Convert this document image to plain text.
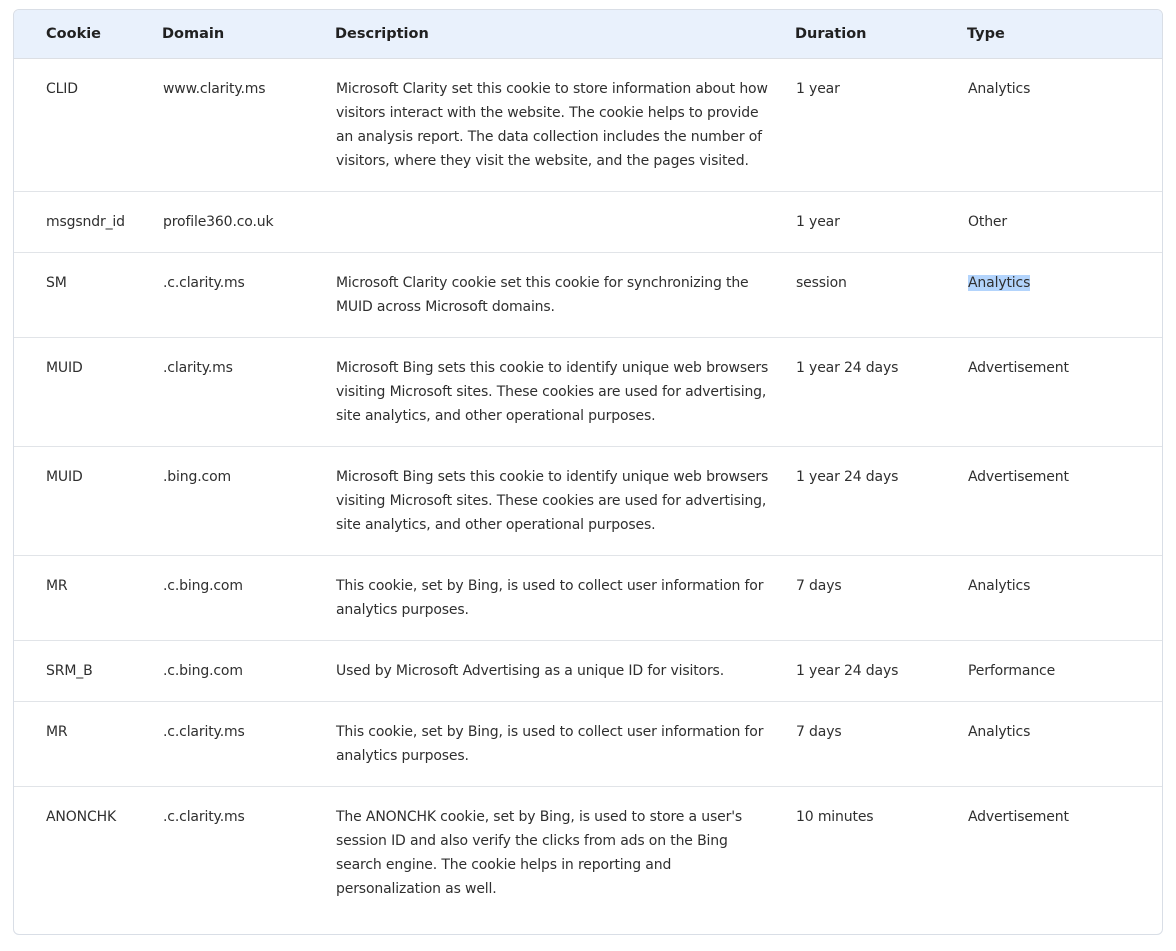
Cookie	Domain	Description	Duration	Type
CLID	www.clarity.ms	Microsoft Clarity set this cookie to store information about how visitors interact with the website. The cookie helps to provide an analysis report. The data collection includes the number of visitors, where they visit the website, and the pages visited.	1 year	Analytics
msgsndr_id	profile360.co.uk		1 year	Other
SM	.c.clarity.ms	Microsoft Clarity cookie set this cookie for synchronizing the MUID across Microsoft domains.	session	Analytics
MUID	.clarity.ms	Microsoft Bing sets this cookie to identify unique web browsers visiting Microsoft sites. These cookies are used for advertising, site analytics, and other operational purposes.	1 year 24 days	Advertisement
MUID	.bing.com	Microsoft Bing sets this cookie to identify unique web browsers visiting Microsoft sites. These cookies are used for advertising, site analytics, and other operational purposes.	1 year 24 days	Advertisement
MR	.c.bing.com	This cookie, set by Bing, is used to collect user information for analytics purposes.	7 days	Analytics
SRM_B	.c.bing.com	Used by Microsoft Advertising as a unique ID for visitors.	1 year 24 days	Performance
MR	.c.clarity.ms	This cookie, set by Bing, is used to collect user information for analytics purposes.	7 days	Analytics
ANONCHK	.c.clarity.ms	The ANONCHK cookie, set by Bing, is used to store a user's session ID and also verify the clicks from ads on the Bing search engine. The cookie helps in reporting and personalization as well.	10 minutes	Advertisement
